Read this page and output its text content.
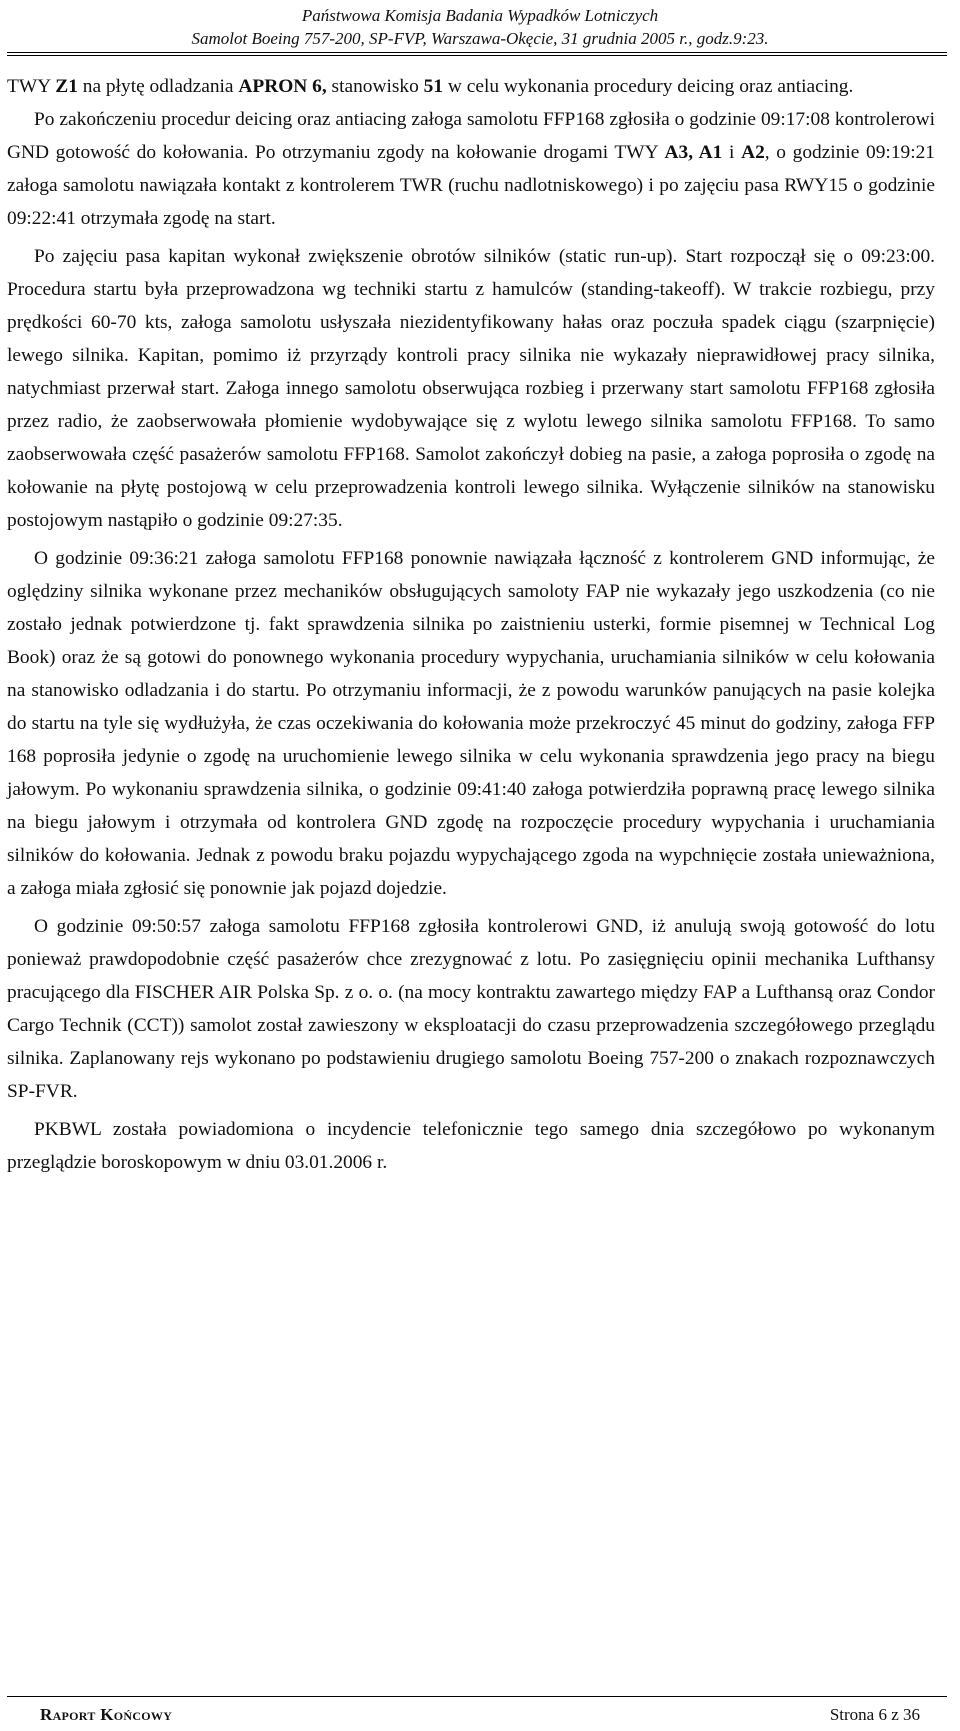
Państwowa Komisja Badania Wypadków Lotniczych
Samolot Boeing 757-200, SP-FVP, Warszawa-Okęcie, 31 grudnia 2005 r., godz.9:23.

TWY Z1 na płytę odladzania APRON 6, stanowisko 51 w celu wykonania procedury deicing oraz antiacing.

Po zakończeniu procedur deicing oraz antiacing załoga samolotu FFP168 zgłosiła o godzinie 09:17:08 kontrolerowi GND gotowość do kołowania. Po otrzymaniu zgody na kołowanie drogami TWY A3, A1 i A2, o godzinie 09:19:21 załoga samolotu nawiązała kontakt z kontrolerem TWR (ruchu nadlotniskowego) i po zajęciu pasa RWY15 o godzinie 09:22:41 otrzymała zgodę na start.

Po zajęciu pasa kapitan wykonał zwiększenie obrotów silników (static run-up). Start rozpoczął się o 09:23:00. Procedura startu była przeprowadzona wg techniki startu z hamulców (standing-takeoff). W trakcie rozbiegu, przy prędkości 60-70 kts, załoga samolotu usłyszała niezidentyfikowany hałas oraz poczuła spadek ciągu (szarpnięcie) lewego silnika. Kapitan, pomimo iż przyrządy kontroli pracy silnika nie wykazały nieprawidłowej pracy silnika, natychmiast przerwał start. Załoga innego samolotu obserwująca rozbieg i przerwany start samolotu FFP168 zgłosiła przez radio, że zaobserwowała płomienie wydobywające się z wylotu lewego silnika samolotu FFP168. To samo zaobserwowała część pasażerów samolotu FFP168. Samolot zakończył dobieg na pasie, a załoga poprosiła o zgodę na kołowanie na płytę postojową w celu przeprowadzenia kontroli lewego silnika. Wyłączenie silników na stanowisku postojowym nastąpiło o godzinie 09:27:35.

O godzinie 09:36:21 załoga samolotu FFP168 ponownie nawiązała łączność z kontrolerem GND informując, że oględziny silnika wykonane przez mechaników obsługujących samoloty FAP nie wykazały jego uszkodzenia (co nie zostało jednak potwierdzone tj. fakt sprawdzenia silnika po zaistnieniu usterki, formie pisemnej w Technical Log Book) oraz że są gotowi do ponownego wykonania procedury wypychania, uruchamiania silników w celu kołowania na stanowisko odladzania i do startu. Po otrzymaniu informacji, że z powodu warunków panujących na pasie kolejka do startu na tyle się wydłużyła, że czas oczekiwania do kołowania może przekroczyć 45 minut do godziny, załoga FFP 168 poprosiła jedynie o zgodę na uruchomienie lewego silnika w celu wykonania sprawdzenia jego pracy na biegu jałowym. Po wykonaniu sprawdzenia silnika, o godzinie 09:41:40 załoga potwierdziła poprawną pracę lewego silnika na biegu jałowym i otrzymała od kontrolera GND zgodę na rozpoczęcie procedury wypychania i uruchamiania silników do kołowania. Jednak z powodu braku pojazdu wypychającego zgoda na wypchnięcie została unieważniona, a załoga miała zgłosić się ponownie jak pojazd dojedzie.

O godzinie 09:50:57 załoga samolotu FFP168 zgłosiła kontrolerowi GND, iż anulują swoją gotowość do lotu ponieważ prawdopodobnie część pasażerów chce zrezygnować z lotu. Po zasięgnięciu opinii mechanika Lufthansy pracującego dla FISCHER AIR Polska Sp. z o. o. (na mocy kontraktu zawartego między FAP a Lufthansą oraz Condor Cargo Technik (CCT)) samolot został zawieszony w eksploatacji do czasu przeprowadzenia szczegółowego przeglądu silnika. Zaplanowany rejs wykonano po podstawieniu drugiego samolotu Boeing 757-200 o znakach rozpoznawczych SP-FVR.

PKBWL została powiadomiona o incydencie telefonicznie tego samego dnia szczegółowo po wykonanym przeglądzie boroskopowym w dniu 03.01.2006 r.

Raport Końcowy	Strona 6 z 36
